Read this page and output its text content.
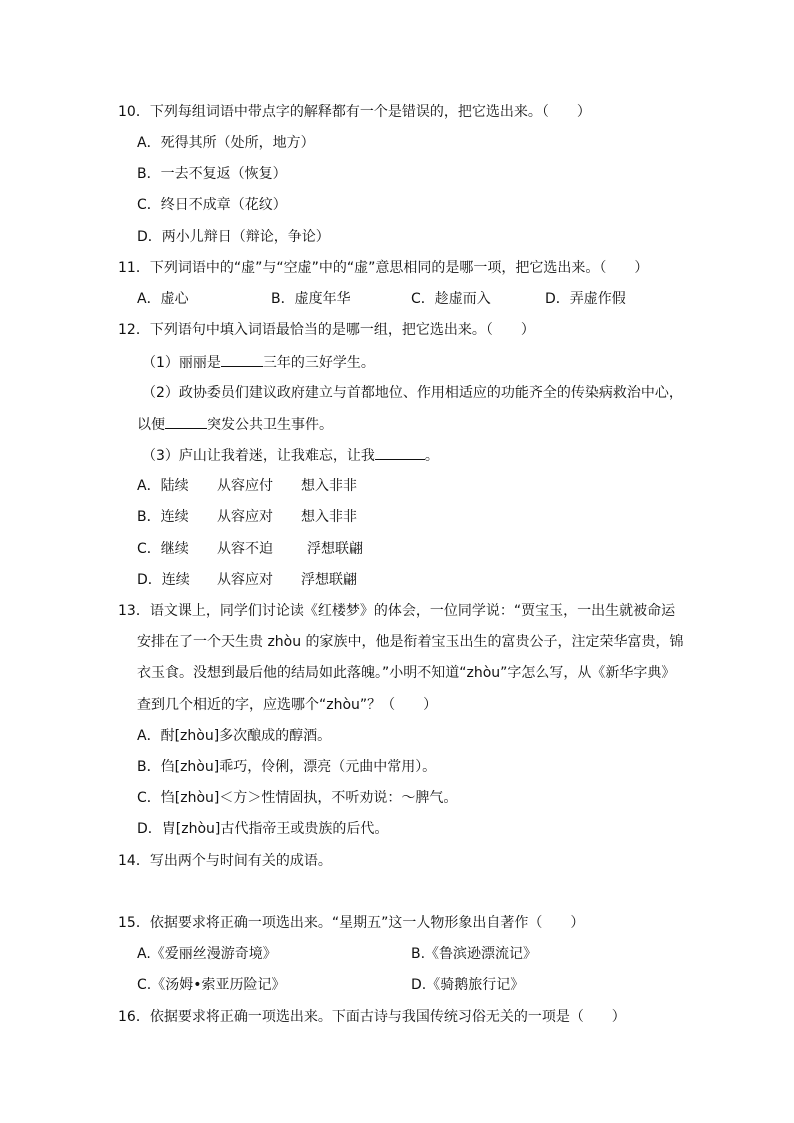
10．下列每组词语中带点字的解释都有一个是错误的，把它选出来。（　　）
A．死得其所（处所，地方）
B．一去不复返（恢复）
C．终日不成章（花纹）
D．两小儿辩日（辩论，争论）
11．下列词语中的“虚”与“空虚”中的“虚”意思相同的是哪一项，把它选出来。（　　）
A．虚心	B．虚度年华	C．趁虚而入	D．弄虚作假
12．下列语句中填入词语最恰当的是哪一组，把它选出来。（　　）
（1）丽丽是	三年的三好学生。
（2）政协委员们建议政府建立与首都地位、作用相适应的功能齐全的传染病救治中心，
以便	突发公共卫生事件。
（3）庐山让我着迷，让我难忘，让我	。
A．陆续 从容应付 想入非非
B．连续 从容应对 想入非非
C．继续 从容不迫 浮想联翩
D．连续 从容应对 浮想联翩
13．语文课上，同学们讨论读《红楼梦》的体会，一位同学说：“贾宝玉，一出生就被命运
安排在了一个天生贵 zhòu 的家族中，他是衔着宝玉出生的富贵公子，注定荣华富贵，锦
衣玉食。没想到最后他的结局如此落魄。”小明不知道“zhòu”字怎么写，从《新华字典》
查到几个相近的字，应选哪个“zhòu”？（　　）
A．酎[zhòu]多次酿成的醇酒。
B．㑇[zhòu]乖巧，伶俐，漂亮（元曲中常用）。
C．㤘[zhòu]＜方＞性情固执，不听劝说：～脾气。
D．胄[zhòu]古代指帝王或贵族的后代。
14．写出两个与时间有关的成语。
15．依据要求将正确一项选出来。“星期五”这一人物形象出自著作（　　）
A.《爱丽丝漫游奇境》	B.《鲁滨逊漂流记》
C.《汤姆•索亚历险记》	D.《骑鹅旅行记》
16．依据要求将正确一项选出来。下面古诗与我国传统习俗无关的一项是（　　）
